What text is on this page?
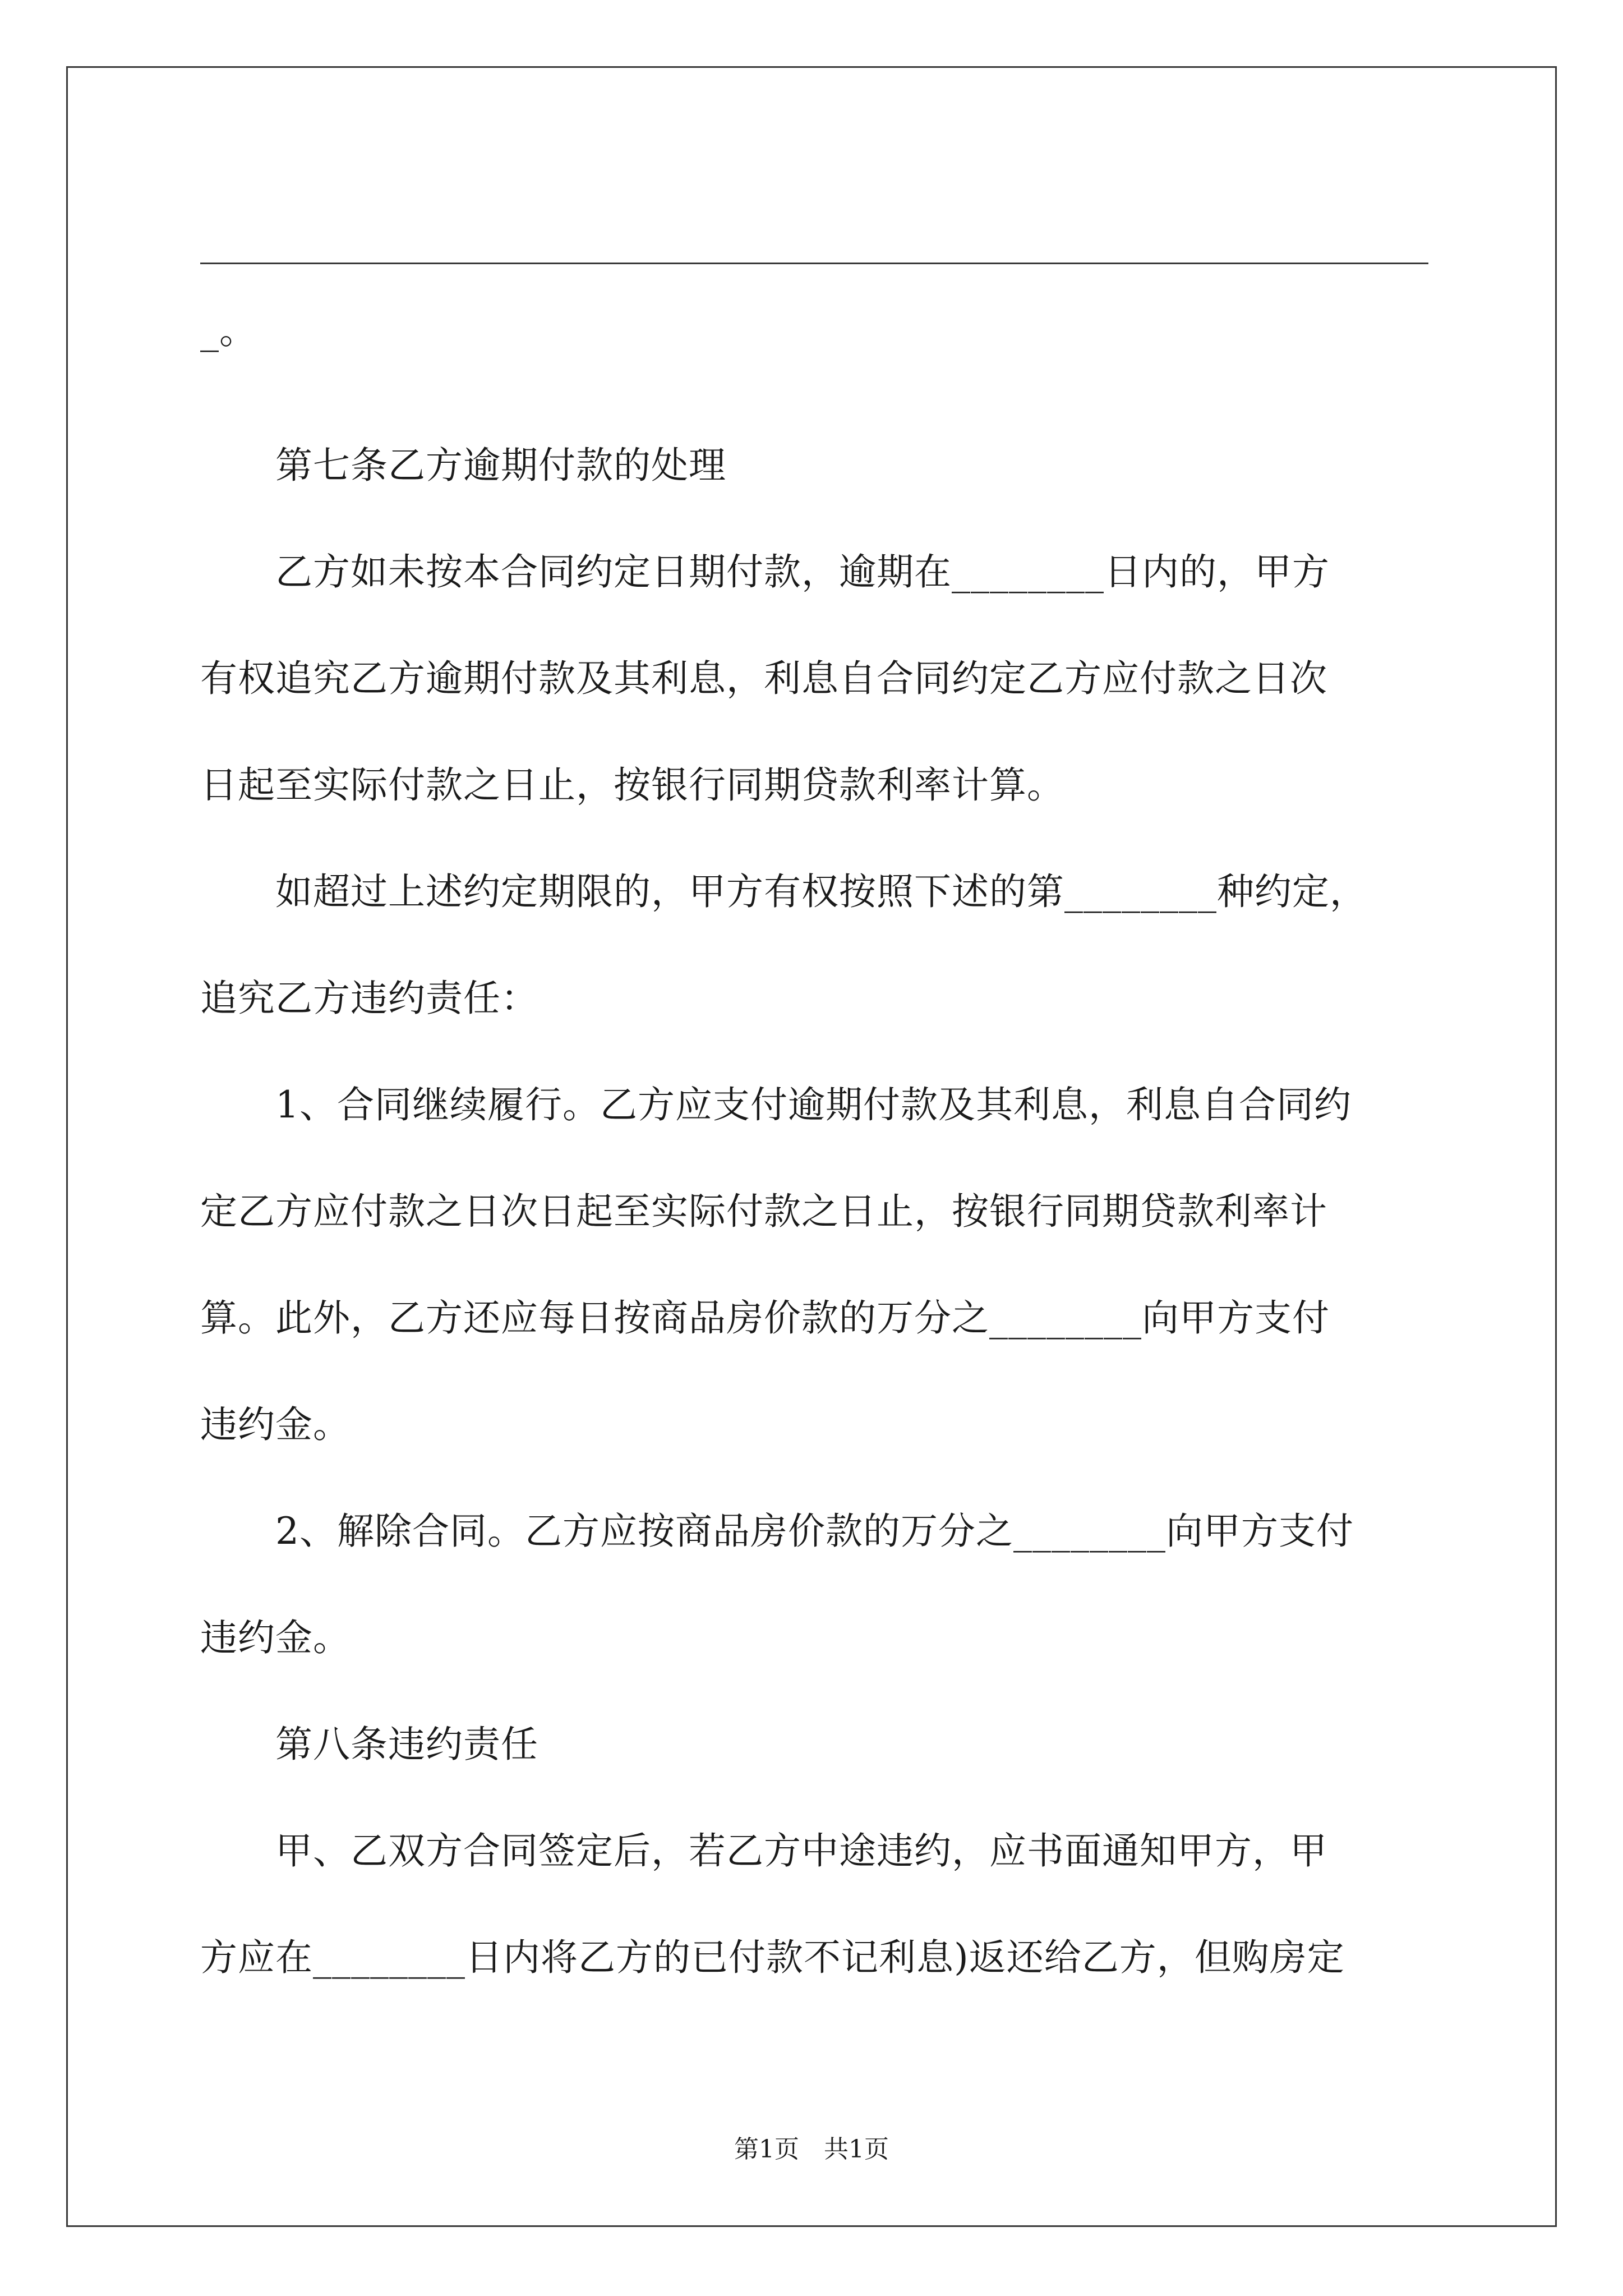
_。
第七条乙方逾期付款的处理
乙方如未按本合同约定日期付款，逾期在________日内的，甲方
有权追究乙方逾期付款及其利息，利息自合同约定乙方应付款之日次
日起至实际付款之日止，按银行同期贷款利率计算。
如超过上述约定期限的，甲方有权按照下述的第________种约定，
追究乙方违约责任：
1、合同继续履行。乙方应支付逾期付款及其利息，利息自合同约
定乙方应付款之日次日起至实际付款之日止，按银行同期贷款利率计
算。此外，乙方还应每日按商品房价款的万分之________向甲方支付
违约金。
2、解除合同。乙方应按商品房价款的万分之________向甲方支付
违约金。
第八条违约责任
甲、乙双方合同签定后，若乙方中途违约，应书面通知甲方，甲
方应在________日内将乙方的已付款不记利息)返还给乙方，但购房定
第1页　共1页
